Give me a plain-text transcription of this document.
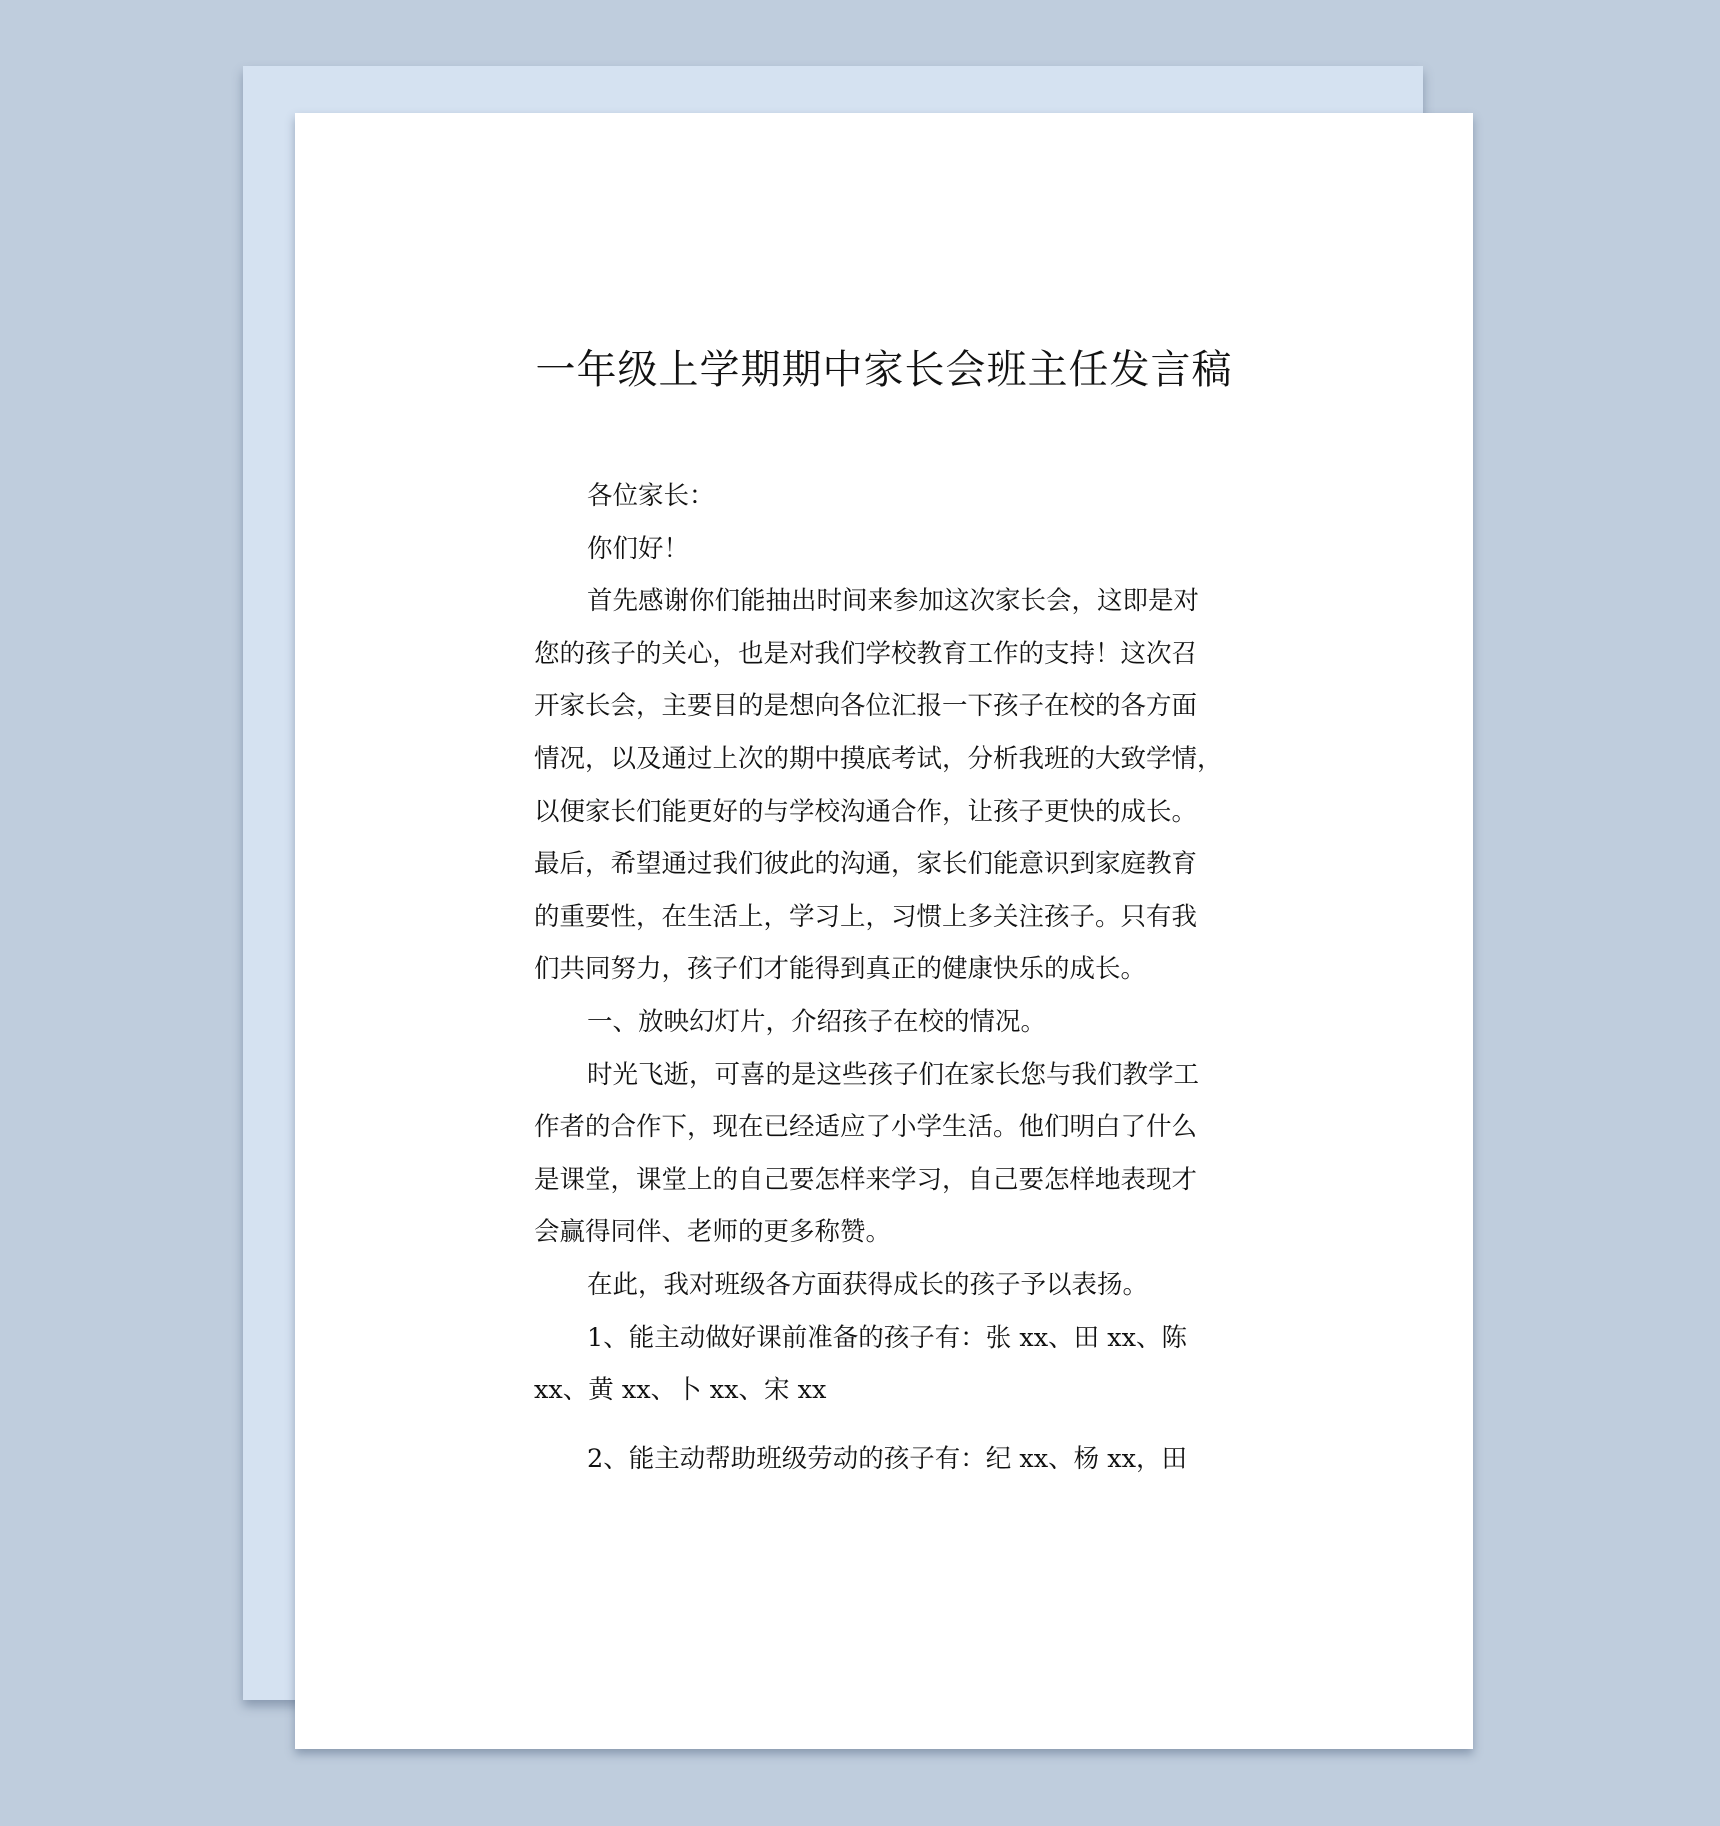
一年级上学期期中家长会班主任发言稿

各位家长：

你们好！

首先感谢你们能抽出时间来参加这次家长会，这即是对

您的孩子的关心，也是对我们学校教育工作的支持！这次召

开家长会，主要目的是想向各位汇报一下孩子在校的各方面

情况，以及通过上次的期中摸底考试，分析我班的大致学情，

以便家长们能更好的与学校沟通合作，让孩子更快的成长。

最后，希望通过我们彼此的沟通，家长们能意识到家庭教育

的重要性，在生活上，学习上，习惯上多关注孩子。只有我

们共同努力，孩子们才能得到真正的健康快乐的成长。

一、放映幻灯片，介绍孩子在校的情况。

时光飞逝，可喜的是这些孩子们在家长您与我们教学工

作者的合作下，现在已经适应了小学生活。他们明白了什么

是课堂，课堂上的自己要怎样来学习，自己要怎样地表现才

会赢得同伴、老师的更多称赞。

在此，我对班级各方面获得成长的孩子予以表扬。

1、能主动做好课前准备的孩子有：张 xx、田 xx、陈

xx、黄 xx、卜 xx、宋 xx

2、能主动帮助班级劳动的孩子有：纪 xx、杨 xx，田
